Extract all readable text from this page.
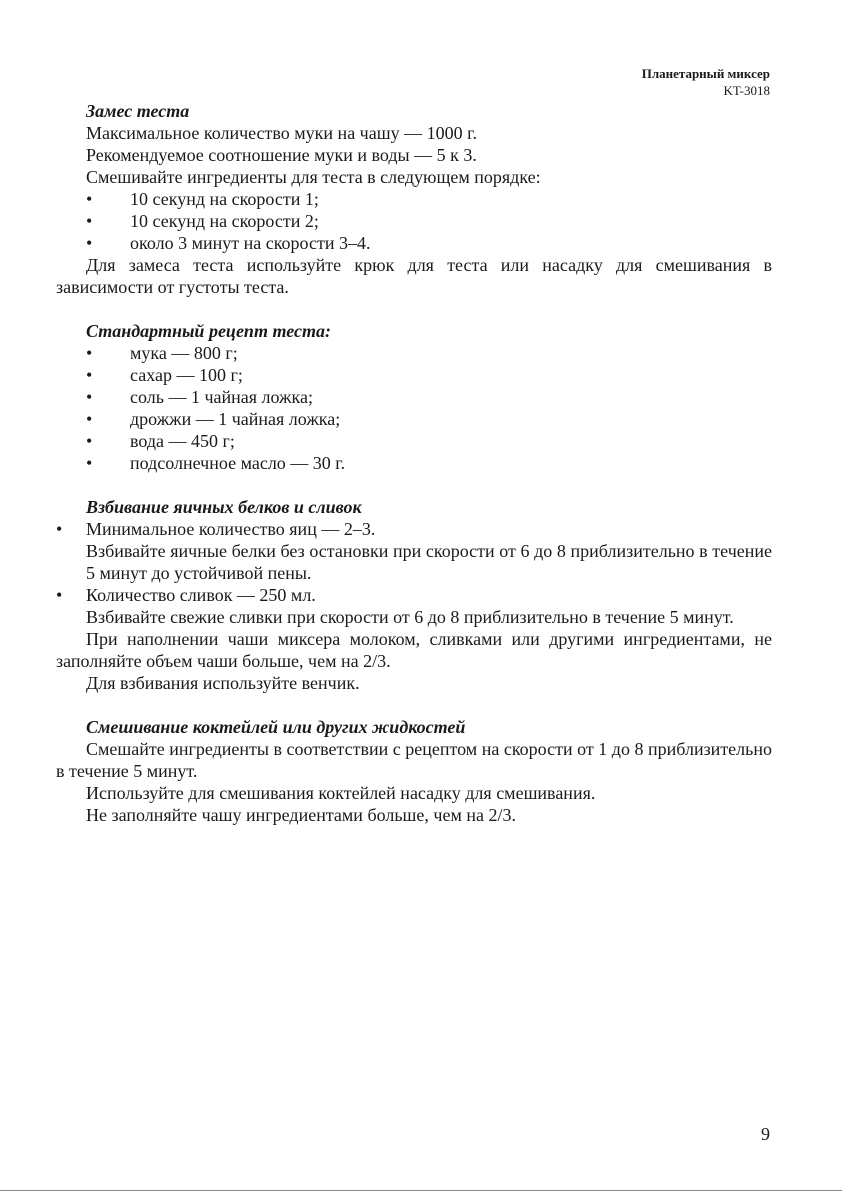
Планетарный миксер
KT-3018

Замес теста

Максимальное количество муки на чашу — 1000 г.

Рекомендуемое соотношение муки и воды — 5 к 3.

Смешивайте ингредиенты для теста в следующем порядке:

• 10 секунд на скорости 1;

• 10 секунд на скорости 2;

• около 3 минут на скорости 3–4.

Для замеса теста используйте крюк для теста или насадку для смешивания в зависимости от густоты теста.

Стандартный рецепт теста:

• мука — 800 г;

• сахар — 100 г;

• соль — 1 чайная ложка;

• дрожжи — 1 чайная ложка;

• вода — 450 г;

• подсолнечное масло — 30 г.

Взбивание яичных белков и сливок

• Минимальное количество яиц — 2–3.

Взбивайте яичные белки без остановки при скорости от 6 до 8 приблизительно в течение 5 минут до устойчивой пены.

• Количество сливок — 250 мл.

Взбивайте свежие сливки при скорости от 6 до 8 приблизительно в течение 5 минут.

При наполнении чаши миксера молоком, сливками или другими ингредиентами, не заполняйте объем чаши больше, чем на 2/3.

Для взбивания используйте венчик.

Смешивание коктейлей или других жидкостей

Смешайте ингредиенты в соответствии с рецептом на скорости от 1 до 8 приблизительно в течение 5 минут.

Используйте для смешивания коктейлей насадку для смешивания.

Не заполняйте чашу ингредиентами больше, чем на 2/3.

9
